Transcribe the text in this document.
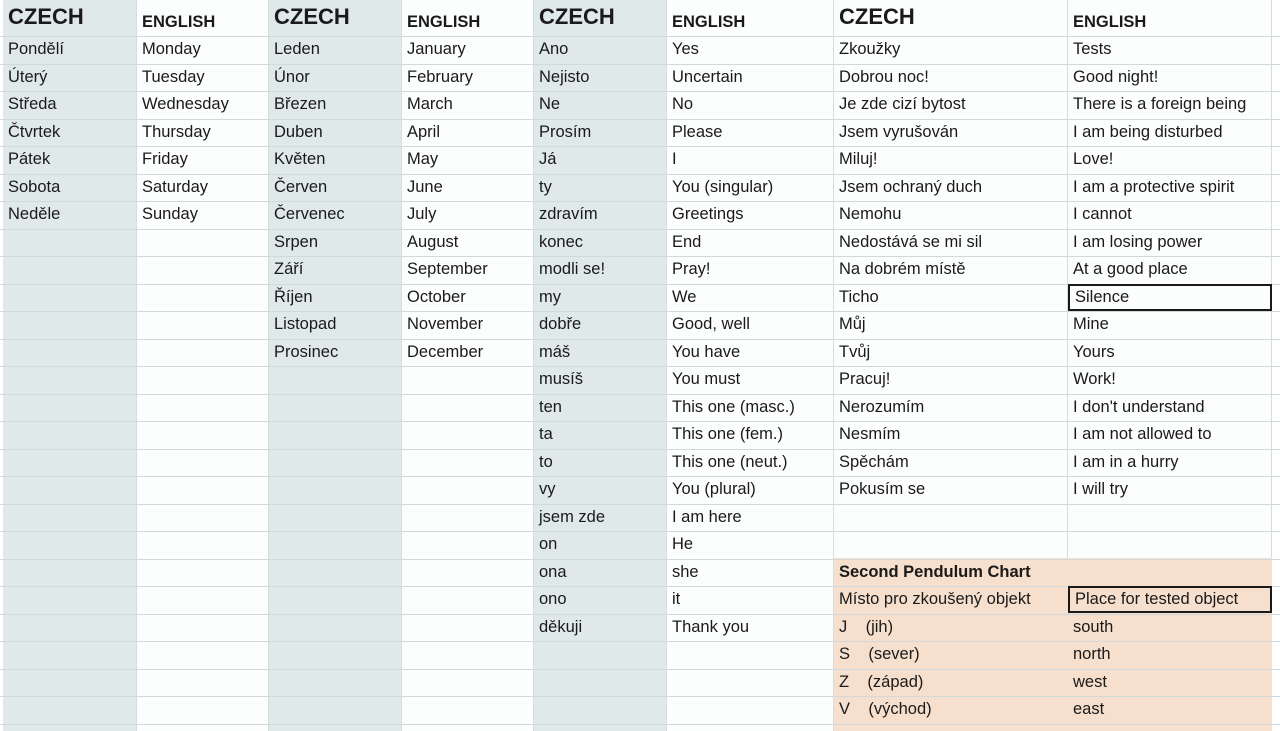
CZECH	ENGLISH	CZECH	ENGLISH	CZECH	ENGLISH	CZECH	ENGLISH
Pondělí	Monday
Úterý	Tuesday
Středa	Wednesday
Čtvrtek	Thursday
Pátek	Friday
Sobota	Saturday
Neděle	Sunday
Leden	January
Únor	February
Březen	March
Duben	April
Květen	May
Červen	June
Červenec	July
Srpen	August
Září	September
Říjen	October
Listopad	November
Prosinec	December
Ano	Yes
Nejisto	Uncertain
Ne	No
Prosím	Please
Já	I
ty	You (singular)
zdravím	Greetings
konec	End
modli se!	Pray!
my	We
dobře	Good, well
máš	You have
musíš	You must
ten	This one (masc.)
ta	This one (fem.)
to	This one (neut.)
vy	You (plural)
jsem zde	I am here
on	He
ona	she
ono	it
děkuji	Thank you
Zkoužky	Tests
Dobrou noc!	Good night!
Je zde cizí bytost	There is a foreign being
Jsem vyrušován	I am being disturbed
Miluj!	Love!
Jsem ochraný duch	I am a protective spirit
Nemohu	I cannot
Nedostává se mi sil	I am losing power
Na dobrém místě	At a good place
Ticho	Silence
Můj	Mine
Tvůj	Yours
Pracuj!	Work!
Nerozumím	I don't understand
Nesmím	I am not allowed to
Spěchám	I am in a hurry
Pokusím se	I will try
Second Pendulum Chart
Místo pro zkoušený objekt	Place for tested object
J    (jih)	south
S    (sever)	north
Z    (západ)	west
V    (východ)	east
